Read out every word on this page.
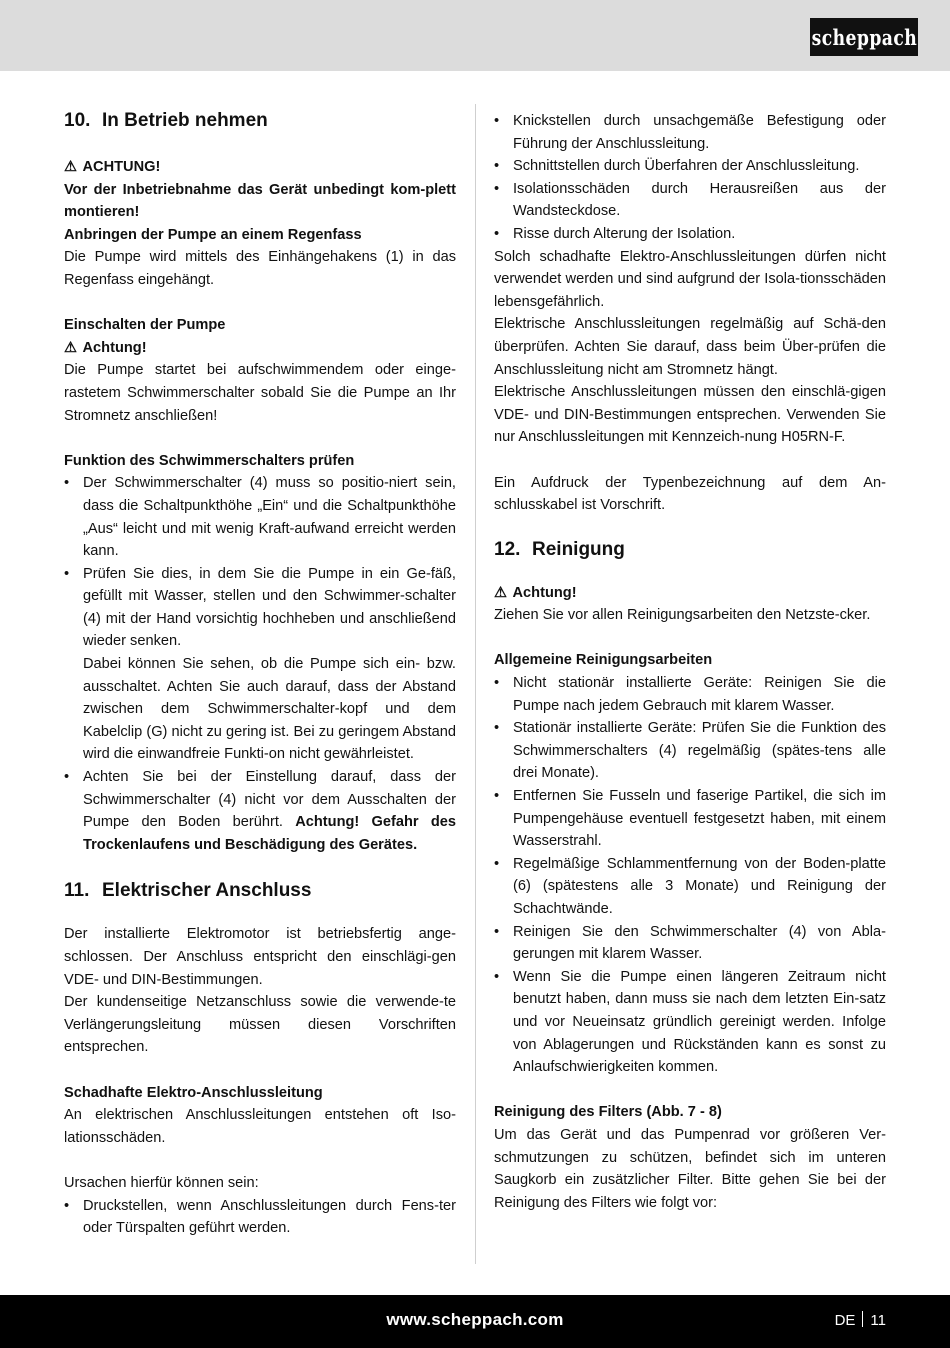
scheppach

10. In Betrieb nehmen

⚠ ACHTUNG!

Vor der Inbetriebnahme das Gerät unbedingt kom-plett montieren!

Anbringen der Pumpe an einem Regenfass

Die Pumpe wird mittels des Einhängehakens (1) in das Regenfass eingehängt.

Einschalten der Pumpe

⚠ Achtung!

Die Pumpe startet bei aufschwimmendem oder einge-rastetem Schwimmerschalter sobald Sie die Pumpe an Ihr Stromnetz anschließen!

Funktion des Schwimmerschalters prüfen

• Der Schwimmerschalter (4) muss so positio-niert sein, dass die Schaltpunkthöhe „Ein“ und die Schaltpunkthöhe „Aus“ leicht und mit wenig Kraft-aufwand erreicht werden kann.
• Prüfen Sie dies, in dem Sie die Pumpe in ein Ge-fäß, gefüllt mit Wasser, stellen und den Schwimmer-schalter (4) mit der Hand vorsichtig hochheben und anschließend wieder senken.
Dabei können Sie sehen, ob die Pumpe sich ein- bzw. ausschaltet. Achten Sie auch darauf, dass der Abstand zwischen dem Schwimmerschalter-kopf und dem Kabelclip (G) nicht zu gering ist. Bei zu geringem Abstand wird die einwandfreie Funkti-on nicht gewährleistet.
• Achten Sie bei der Einstellung darauf, dass der Schwimmerschalter (4) nicht vor dem Ausschalten der Pumpe den Boden berührt. Achtung! Gefahr des Trockenlaufens und Beschädigung des Gerätes.

11. Elektrischer Anschluss

Der installierte Elektromotor ist betriebsfertig ange-schlossen. Der Anschluss entspricht den einschlägi-gen VDE- und DIN-Bestimmungen.

Der kundenseitige Netzanschluss sowie die verwende-te Verlängerungsleitung müssen diesen Vorschriften entsprechen.

Schadhafte Elektro-Anschlussleitung

An elektrischen Anschlussleitungen entstehen oft Iso-lationsschäden.

Ursachen hierfür können sein:

• Druckstellen, wenn Anschlussleitungen durch Fens-ter oder Türspalten geführt werden.
• Knickstellen durch unsachgemäße Befestigung oder Führung der Anschlussleitung.
• Schnittstellen durch Überfahren der Anschlussleitung.
• Isolationsschäden durch Herausreißen aus der Wandsteckdose.
• Risse durch Alterung der Isolation.

Solch schadhafte Elektro-Anschlussleitungen dürfen nicht verwendet werden und sind aufgrund der Isola-tionsschäden lebensgefährlich.

Elektrische Anschlussleitungen regelmäßig auf Schä-den überprüfen. Achten Sie darauf, dass beim Über-prüfen die Anschlussleitung nicht am Stromnetz hängt.

Elektrische Anschlussleitungen müssen den einschlä-gigen VDE- und DIN-Bestimmungen entsprechen. Verwenden Sie nur Anschlussleitungen mit Kennzeich-nung H05RN-F.

Ein Aufdruck der Typenbezeichnung auf dem An-schlusskabel ist Vorschrift.

12. Reinigung

⚠ Achtung!

Ziehen Sie vor allen Reinigungsarbeiten den Netzste-cker.

Allgemeine Reinigungsarbeiten

• Nicht stationär installierte Geräte: Reinigen Sie die Pumpe nach jedem Gebrauch mit klarem Wasser.
• Stationär installierte Geräte: Prüfen Sie die Funktion des Schwimmerschalters (4) regelmäßig (spätes-tens alle drei Monate).
• Entfernen Sie Fusseln und faserige Partikel, die sich im Pumpengehäuse eventuell festgesetzt haben, mit einem Wasserstrahl.
• Regelmäßige Schlammentfernung von der Boden-platte (6) (spätestens alle 3 Monate) und Reinigung der Schachtwände.
• Reinigen Sie den Schwimmerschalter (4) von Abla-gerungen mit klarem Wasser.
• Wenn Sie die Pumpe einen längeren Zeitraum nicht benutzt haben, dann muss sie nach dem letzten Ein-satz und vor Neueinsatz gründlich gereinigt werden. Infolge von Ablagerungen und Rückständen kann es sonst zu Anlaufschwierigkeiten kommen.

Reinigung des Filters (Abb. 7 - 8)

Um das Gerät und das Pumpenrad vor größeren Ver-schmutzungen zu schützen, befindet sich im unteren Saugkorb ein zusätzlicher Filter. Bitte gehen Sie bei der Reinigung des Filters wie folgt vor:

www.scheppach.com	DE 11
